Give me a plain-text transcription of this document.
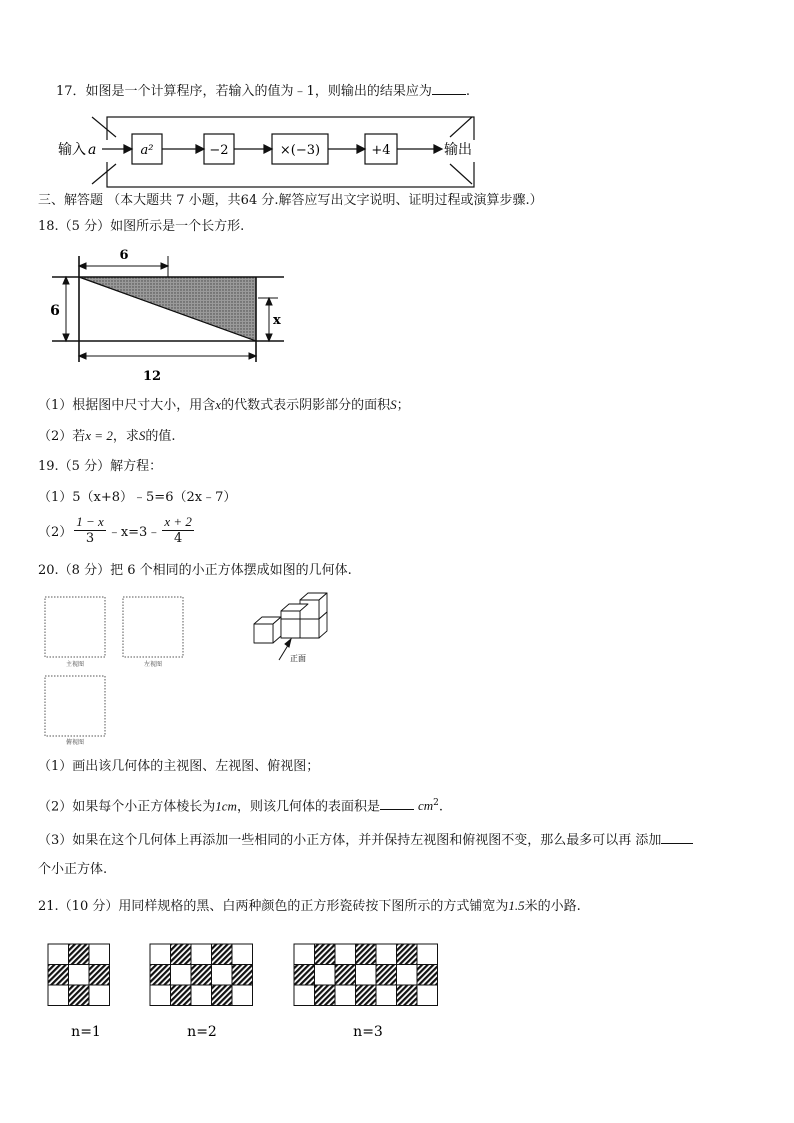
17．如图是一个计算程序，若输入的值为﹣1，则输出的结果应为	.
输入 a	a²	−2	×(−3)	+4	输出
三、解答题 （本大题共 7 小题，共64 分.解答应写出文字说明、证明过程或演算步骤.）
18.（5 分）如图所示是一个长方形.
6
6
x
12
（1）根据图中尺寸大小，用含x的代数式表示阴影部分的面积S；
（2）若x = 2，求S的值.
19.（5 分）解方程：
（1）5（x+8）﹣5=6（2x﹣7）
$(2) \frac{1 - x}{3}$ ﹣x=3﹣ $\frac{x + 2}{4}$
20.（8 分）把 6 个相同的小正方体摆成如图的几何体.
主视图	左视图
俯视图
正面
（1）画出该几何体的主视图、左视图、俯视图；
（2）如果每个小正方体棱长为1cm，则该几何体的表面积是	$cm^2$.
（3）如果在这个几何体上再添加一些相同的小正方体，并并保持左视图和俯视图不变，那么最多可以再 添加
个小正方体.
21.（10 分）用同样规格的黑、白两种颜色的正方形瓷砖按下图所示的方式铺宽为1.5米的小路.
n=1	n=2	n=3
